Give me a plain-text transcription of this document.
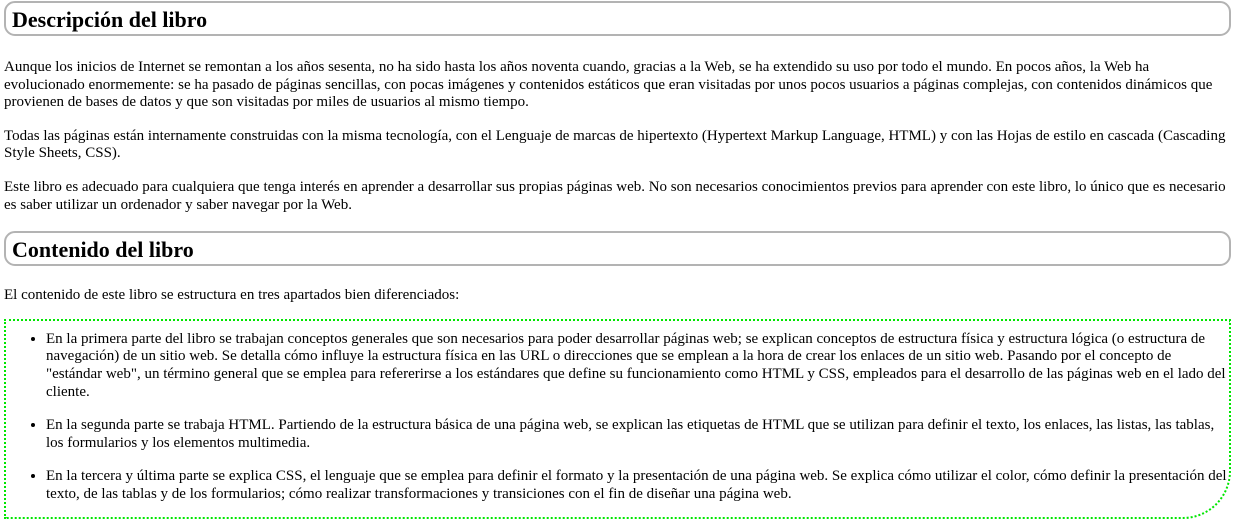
Descripción del libro

Aunque los inicios de Internet se remontan a los años sesenta, no ha sido hasta los años noventa cuando, gracias a la Web, se ha extendido su uso por todo el mundo. En pocos años, la Web ha evolucionado enormemente: se ha pasado de páginas sencillas, con pocas imágenes y contenidos estáticos que eran visitadas por unos pocos usuarios a páginas complejas, con contenidos dinámicos que provienen de bases de datos y que son visitadas por miles de usuarios al mismo tiempo.

Todas las páginas están internamente construidas con la misma tecnología, con el Lenguaje de marcas de hipertexto (Hypertext Markup Language, HTML) y con las Hojas de estilo en cascada (Cascading Style Sheets, CSS).

Este libro es adecuado para cualquiera que tenga interés en aprender a desarrollar sus propias páginas web. No son necesarios conocimientos previos para aprender con este libro, lo único que es necesario es saber utilizar un ordenador y saber navegar por la Web.

Contenido del libro

El contenido de este libro se estructura en tres apartados bien diferenciados:

• En la primera parte del libro se trabajan conceptos generales que son necesarios para poder desarrollar páginas web; se explican conceptos de estructura física y estructura lógica (o estructura de navegación) de un sitio web. Se detalla cómo influye la estructura física en las URL o direcciones que se emplean a la hora de crear los enlaces de un sitio web. Pasando por el concepto de "estándar web", un término general que se emplea para refererirse a los estándares que define su funcionamiento como HTML y CSS, empleados para el desarrollo de las páginas web en el lado del cliente.
• En la segunda parte se trabaja HTML. Partiendo de la estructura básica de una página web, se explican las etiquetas de HTML que se utilizan para definir el texto, los enlaces, las listas, las tablas, los formularios y los elementos multimedia.
• En la tercera y última parte se explica CSS, el lenguaje que se emplea para definir el formato y la presentación de una página web. Se explica cómo utilizar el color, cómo definir la presentación del texto, de las tablas y de los formularios; cómo realizar transformaciones y transiciones con el fin de diseñar una página web.
